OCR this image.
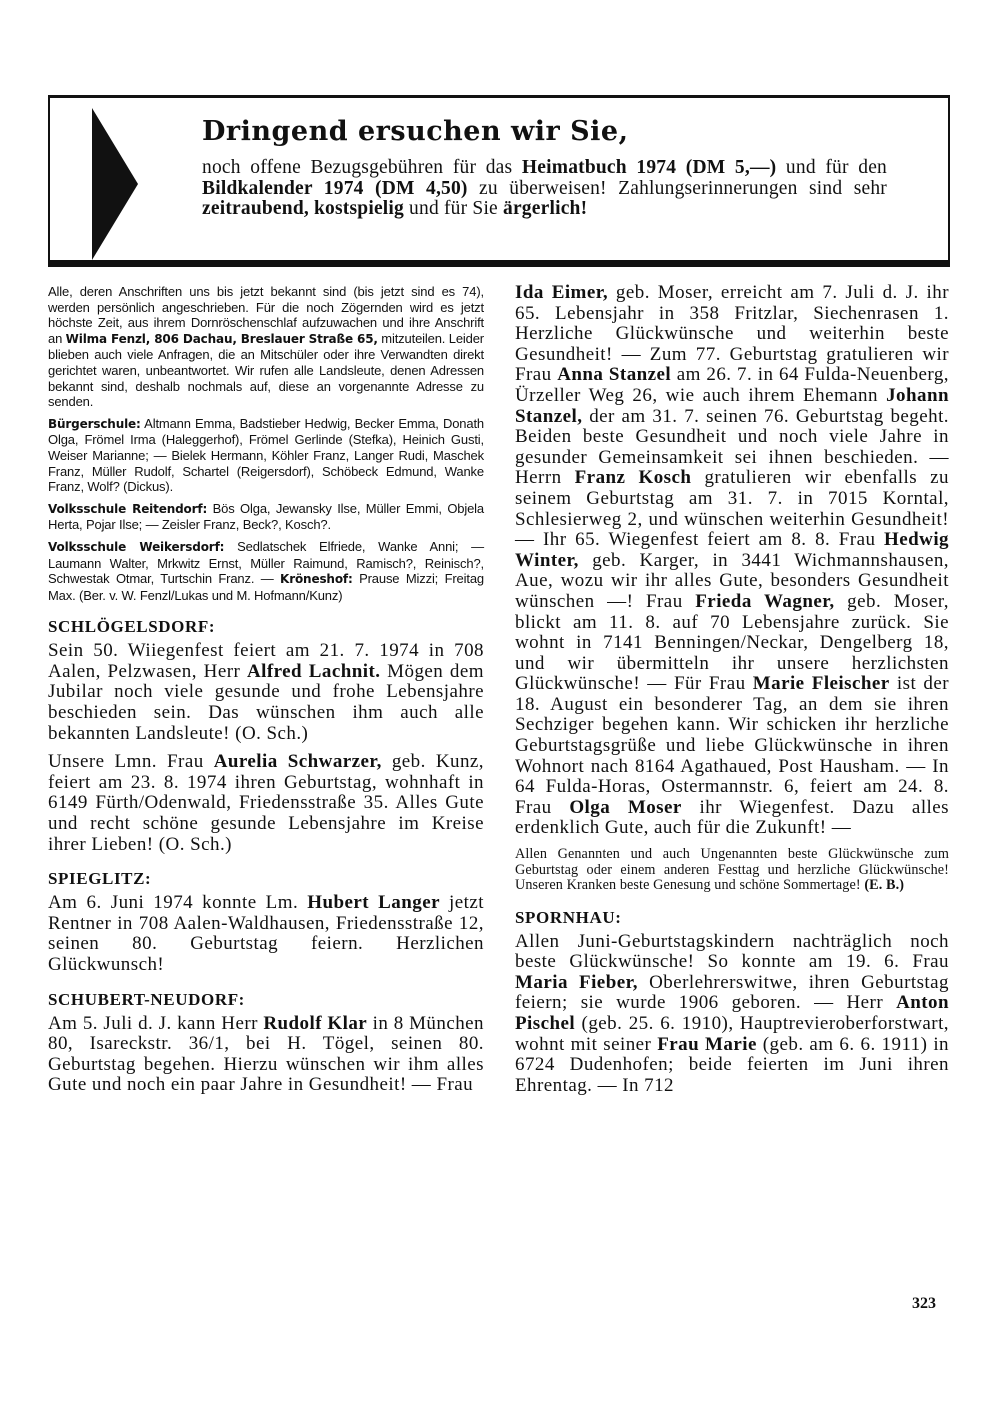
Dringend ersuchen wir Sie,
noch offene Bezugsgebühren für das Heimatbuch 1974 (DM 5,—) und für den Bildkalender 1974 (DM 4,50) zu überweisen! Zahlungserinnerungen sind sehr zeitraubend, kostspielig und für Sie ärgerlich!

Alle, deren Anschriften uns bis jetzt bekannt sind (bis jetzt sind es 74), werden persönlich angeschrieben. Für die noch Zögernden wird es jetzt höchste Zeit, aus ihrem Dornröschenschlaf aufzuwachen und ihre Anschrift an Wilma Fenzl, 806 Dachau, Breslauer Straße 65, mitzuteilen. Leider blieben auch viele Anfragen, die an Mitschüler oder ihre Verwandten direkt gerichtet waren, unbeantwortet. Wir rufen alle Landsleute, denen Adressen bekannt sind, deshalb nochmals auf, diese an vorgenannte Adresse zu senden.

Bürgerschule: Altmann Emma, Badstieber Hedwig, Becker Emma, Donath Olga, Frömel Irma (Haleggerhof), Frömel Gerlinde (Stefka), Heinich Gusti, Weiser Marianne; — Bielek Hermann, Köhler Franz, Langer Rudi, Maschek Franz, Müller Rudolf, Schartel (Reigersdorf), Schöbeck Edmund, Wanke Franz, Wolf? (Dickus).

Volksschule Reitendorf: Bös Olga, Jewansky Ilse, Müller Emmi, Objela Herta, Pojar Ilse; — Zeisler Franz, Beck?, Kosch?.

Volksschule Weikersdorf: Sedlatschek Elfriede, Wanke Anni; — Laumann Walter, Mrkwitz Ernst, Müller Raimund, Ramisch?, Reinisch?, Schwestak Otmar, Turtschin Franz. — Kröneshof: Prause Mizzi; Freitag Max. (Ber. v. W. Fenzl/Lukas und M. Hofmann/Kunz)

SCHLÖGELSDORF:

Sein 50. Wiiegenfest feiert am 21. 7. 1974 in 708 Aalen, Pelzwasen, Herr Alfred Lachnit. Mögen dem Jubilar noch viele gesunde und frohe Lebensjahre beschieden sein. Das wünschen ihm auch alle bekannten Landsleute! (O. Sch.)

Unsere Lmn. Frau Aurelia Schwarzer, geb. Kunz, feiert am 23. 8. 1974 ihren Geburtstag, wohnhaft in 6149 Fürth/Odenwald, Friedensstraße 35. Alles Gute und recht schöne gesunde Lebensjahre im Kreise ihrer Lieben! (O. Sch.)

SPIEGLITZ:

Am 6. Juni 1974 konnte Lm. Hubert Langer jetzt Rentner in 708 Aalen-Waldhausen, Friedensstraße 12, seinen 80. Geburtstag feiern. Herzlichen Glückwunsch!

SCHUBERT-NEUDORF:

Am 5. Juli d. J. kann Herr Rudolf Klar in 8 München 80, Isareckstr. 36/1, bei H. Tögel, seinen 80. Geburtstag begehen. Hierzu wünschen wir ihm alles Gute und noch ein paar Jahre in Gesundheit! — Frau

Ida Eimer, geb. Moser, erreicht am 7. Juli d. J. ihr 65. Lebensjahr in 358 Fritzlar, Siechenrasen 1. Herzliche Glückwünsche und weiterhin beste Gesundheit! — Zum 77. Geburtstag gratulieren wir Frau Anna Stanzel am 26. 7. in 64 Fulda-Neuenberg, Ürzeller Weg 26, wie auch ihrem Ehemann Johann Stanzel, der am 31. 7. seinen 76. Geburtstag begeht. Beiden beste Gesundheit und noch viele Jahre in gesunder Gemeinsamkeit sei ihnen beschieden. — Herrn Franz Kosch gratulieren wir ebenfalls zu seinem Geburtstag am 31. 7. in 7015 Korntal, Schlesierweg 2, und wünschen weiterhin Gesundheit! — Ihr 65. Wiegenfest feiert am 8. 8. Frau Hedwig Winter, geb. Karger, in 3441 Wichmannshausen, Aue, wozu wir ihr alles Gute, besonders Gesundheit wünschen —! Frau Frieda Wagner, geb. Moser, blickt am 11. 8. auf 70 Lebensjahre zurück. Sie wohnt in 7141 Benningen/Neckar, Dengelberg 18, und wir übermitteln ihr unsere herzlichsten Glückwünsche! — Für Frau Marie Fleischer ist der 18. August ein besonderer Tag, an dem sie ihren Sechziger begehen kann. Wir schicken ihr herzliche Geburtstagsgrüße und liebe Glückwünsche in ihren Wohnort nach 8164 Agathaued, Post Hausham. — In 64 Fulda-Horas, Ostermannstr. 6, feiert am 24. 8. Frau Olga Moser ihr Wiegenfest. Dazu alles erdenklich Gute, auch für die Zukunft! —

Allen Genannten und auch Ungenannten beste Glückwünsche zum Geburtstag oder einem anderen Festtag und herzliche Glückwünsche! Unseren Kranken beste Genesung und schöne Sommertage! (E. B.)

SPORNHAU:

Allen Juni-Geburtstagskindern nachträglich noch beste Glückwünsche! So konnte am 19. 6. Frau Maria Fieber, Oberlehrerswitwe, ihren Geburtstag feiern; sie wurde 1906 geboren. — Herr Anton Pischel (geb. 25. 6. 1910), Hauptrevieroberforstwart, wohnt mit seiner Frau Marie (geb. am 6. 6. 1911) in 6724 Dudenhofen; beide feierten im Juni ihren Ehrentag. — In 712

323
